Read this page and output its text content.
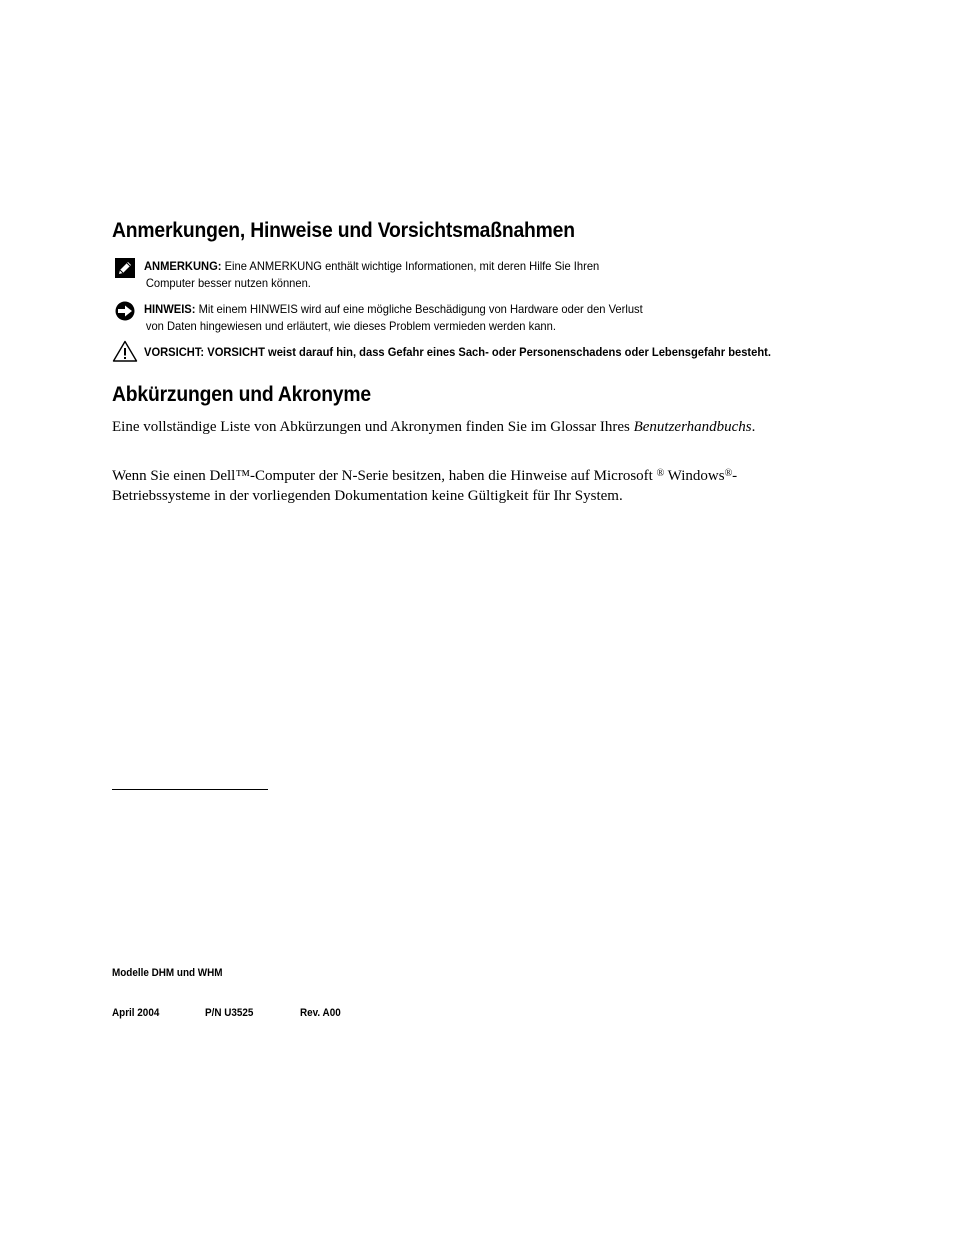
Anmerkungen, Hinweise und Vorsichtsmaßnahmen
ANMERKUNG: Eine ANMERKUNG enthält wichtige Informationen, mit deren Hilfe Sie Ihren
Computer besser nutzen können.
HINWEIS: Mit einem HINWEIS wird auf eine mögliche Beschädigung von Hardware oder den Verlust
von Daten hingewiesen und erläutert, wie dieses Problem vermieden werden kann.
VORSICHT: VORSICHT weist darauf hin, dass Gefahr eines Sach- oder Personenschadens oder Lebensgefahr besteht.
Abkürzungen und Akronyme
Eine vollständige Liste von Abkürzungen und Akronymen finden Sie im Glossar Ihres Benutzerhandbuchs.
Wenn Sie einen Dell™-Computer der N-Serie besitzen, haben die Hinweise auf Microsoft ® Windows®-
Betriebssysteme in der vorliegenden Dokumentation keine Gültigkeit für Ihr System.
Modelle DHM und WHM
April 2004	P/N U3525	Rev. A00
